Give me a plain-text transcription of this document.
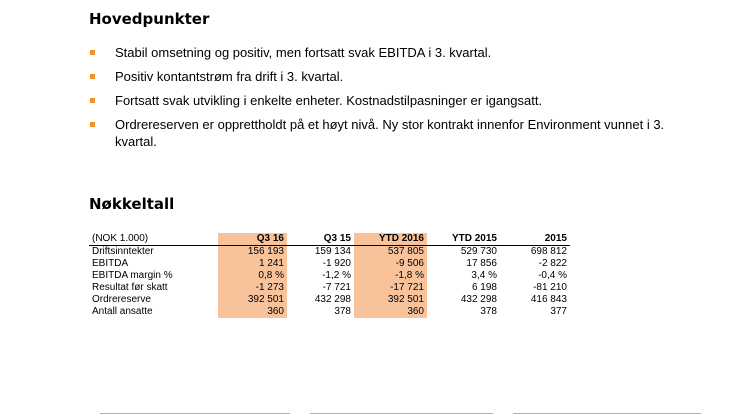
Hovedpunkter
Stabil omsetning og positiv, men fortsatt svak EBITDA i 3. kvartal.
Positiv kontantstrøm fra drift i 3. kvartal.
Fortsatt svak utvikling i enkelte enheter. Kostnadstilpasninger er igangsatt.
Ordrereserven er opprettholdt på et høyt nivå. Ny stor kontrakt innenfor Environment vunnet i 3. kvartal.
Nøkkeltall
(NOK 1.000)	Q3 16	Q3 15	YTD 2016	YTD 2015	2015
Driftsinntekter	156 193	159 134	537 805	529 730	698 812
EBITDA	1 241	-1 920	-9 506	17 856	-2 822
EBITDA margin %	0,8 %	-1,2 %	-1,8 %	3,4 %	-0,4 %
Resultat før skatt	-1 273	-7 721	-17 721	6 198	-81 210
Ordrereserve	392 501	432 298	392 501	432 298	416 843
Antall ansatte	360	378	360	378	377
